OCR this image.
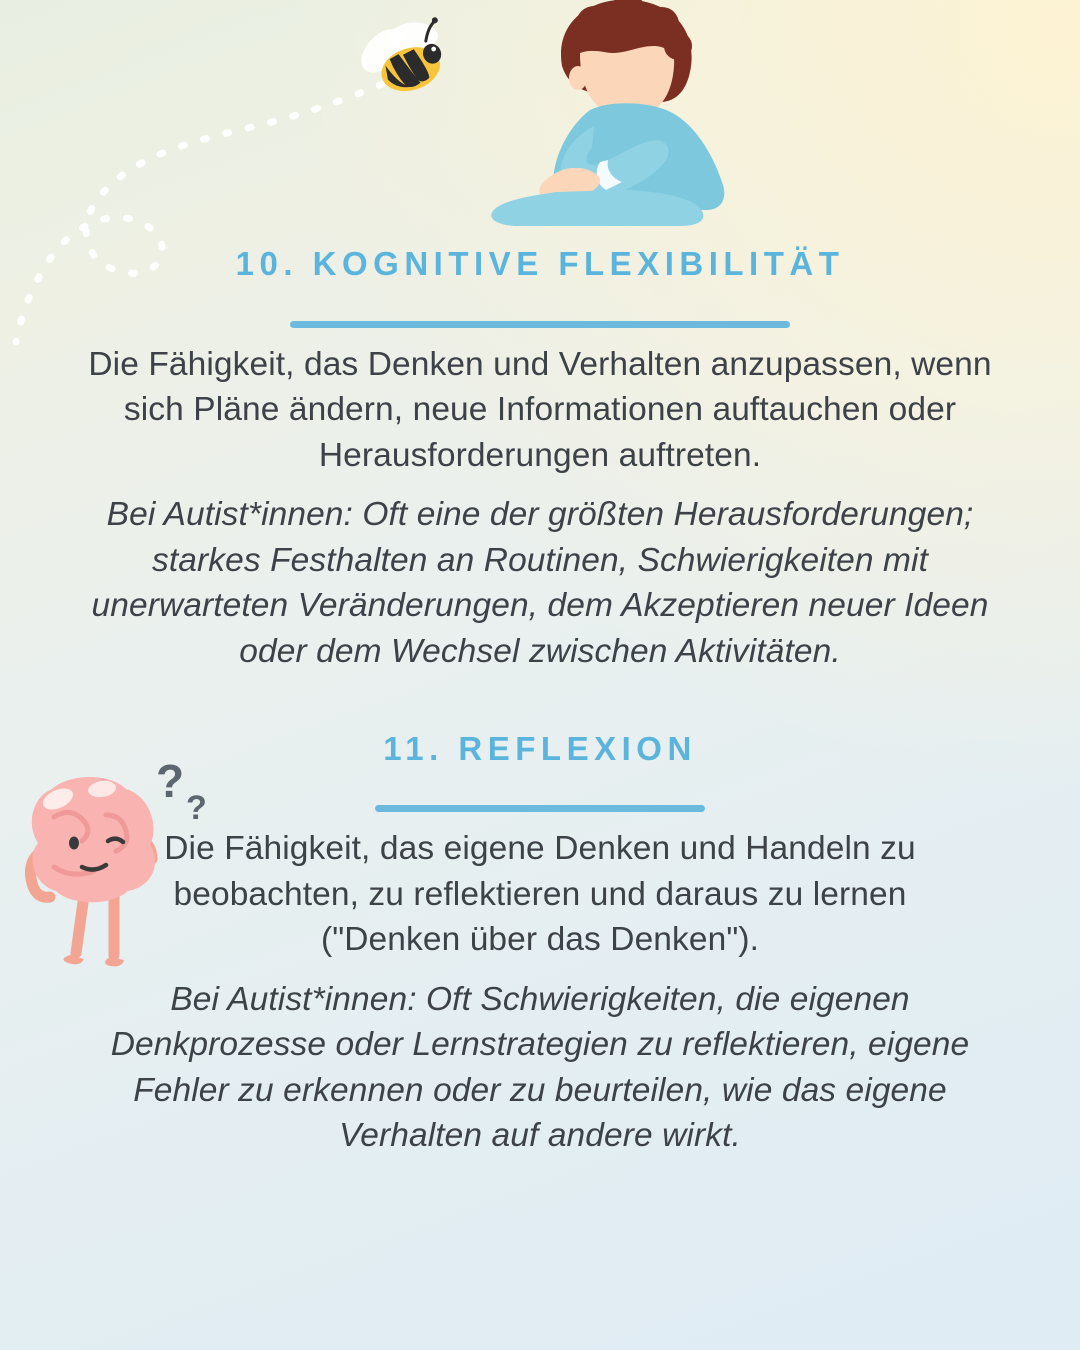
?
?
10. KOGNITIVE FLEXIBILITÄT

Die Fähigkeit, das Denken und Verhalten anzupassen, wenn sich Pläne ändern, neue Informationen auftauchen oder Herausforderungen auftreten.

Bei Autist*innen: Oft eine der größten Herausforderungen; starkes Festhalten an Routinen, Schwierigkeiten mit unerwarteten Veränderungen, dem Akzeptieren neuer Ideen oder dem Wechsel zwischen Aktivitäten.

11. REFLEXION

Die Fähigkeit, das eigene Denken und Handeln zu beobachten, zu reflektieren und daraus zu lernen ("Denken über das Denken").

Bei Autist*innen: Oft Schwierigkeiten, die eigenen Denkprozesse oder Lernstrategien zu reflektieren, eigene Fehler zu erkennen oder zu beurteilen, wie das eigene Verhalten auf andere wirkt.
